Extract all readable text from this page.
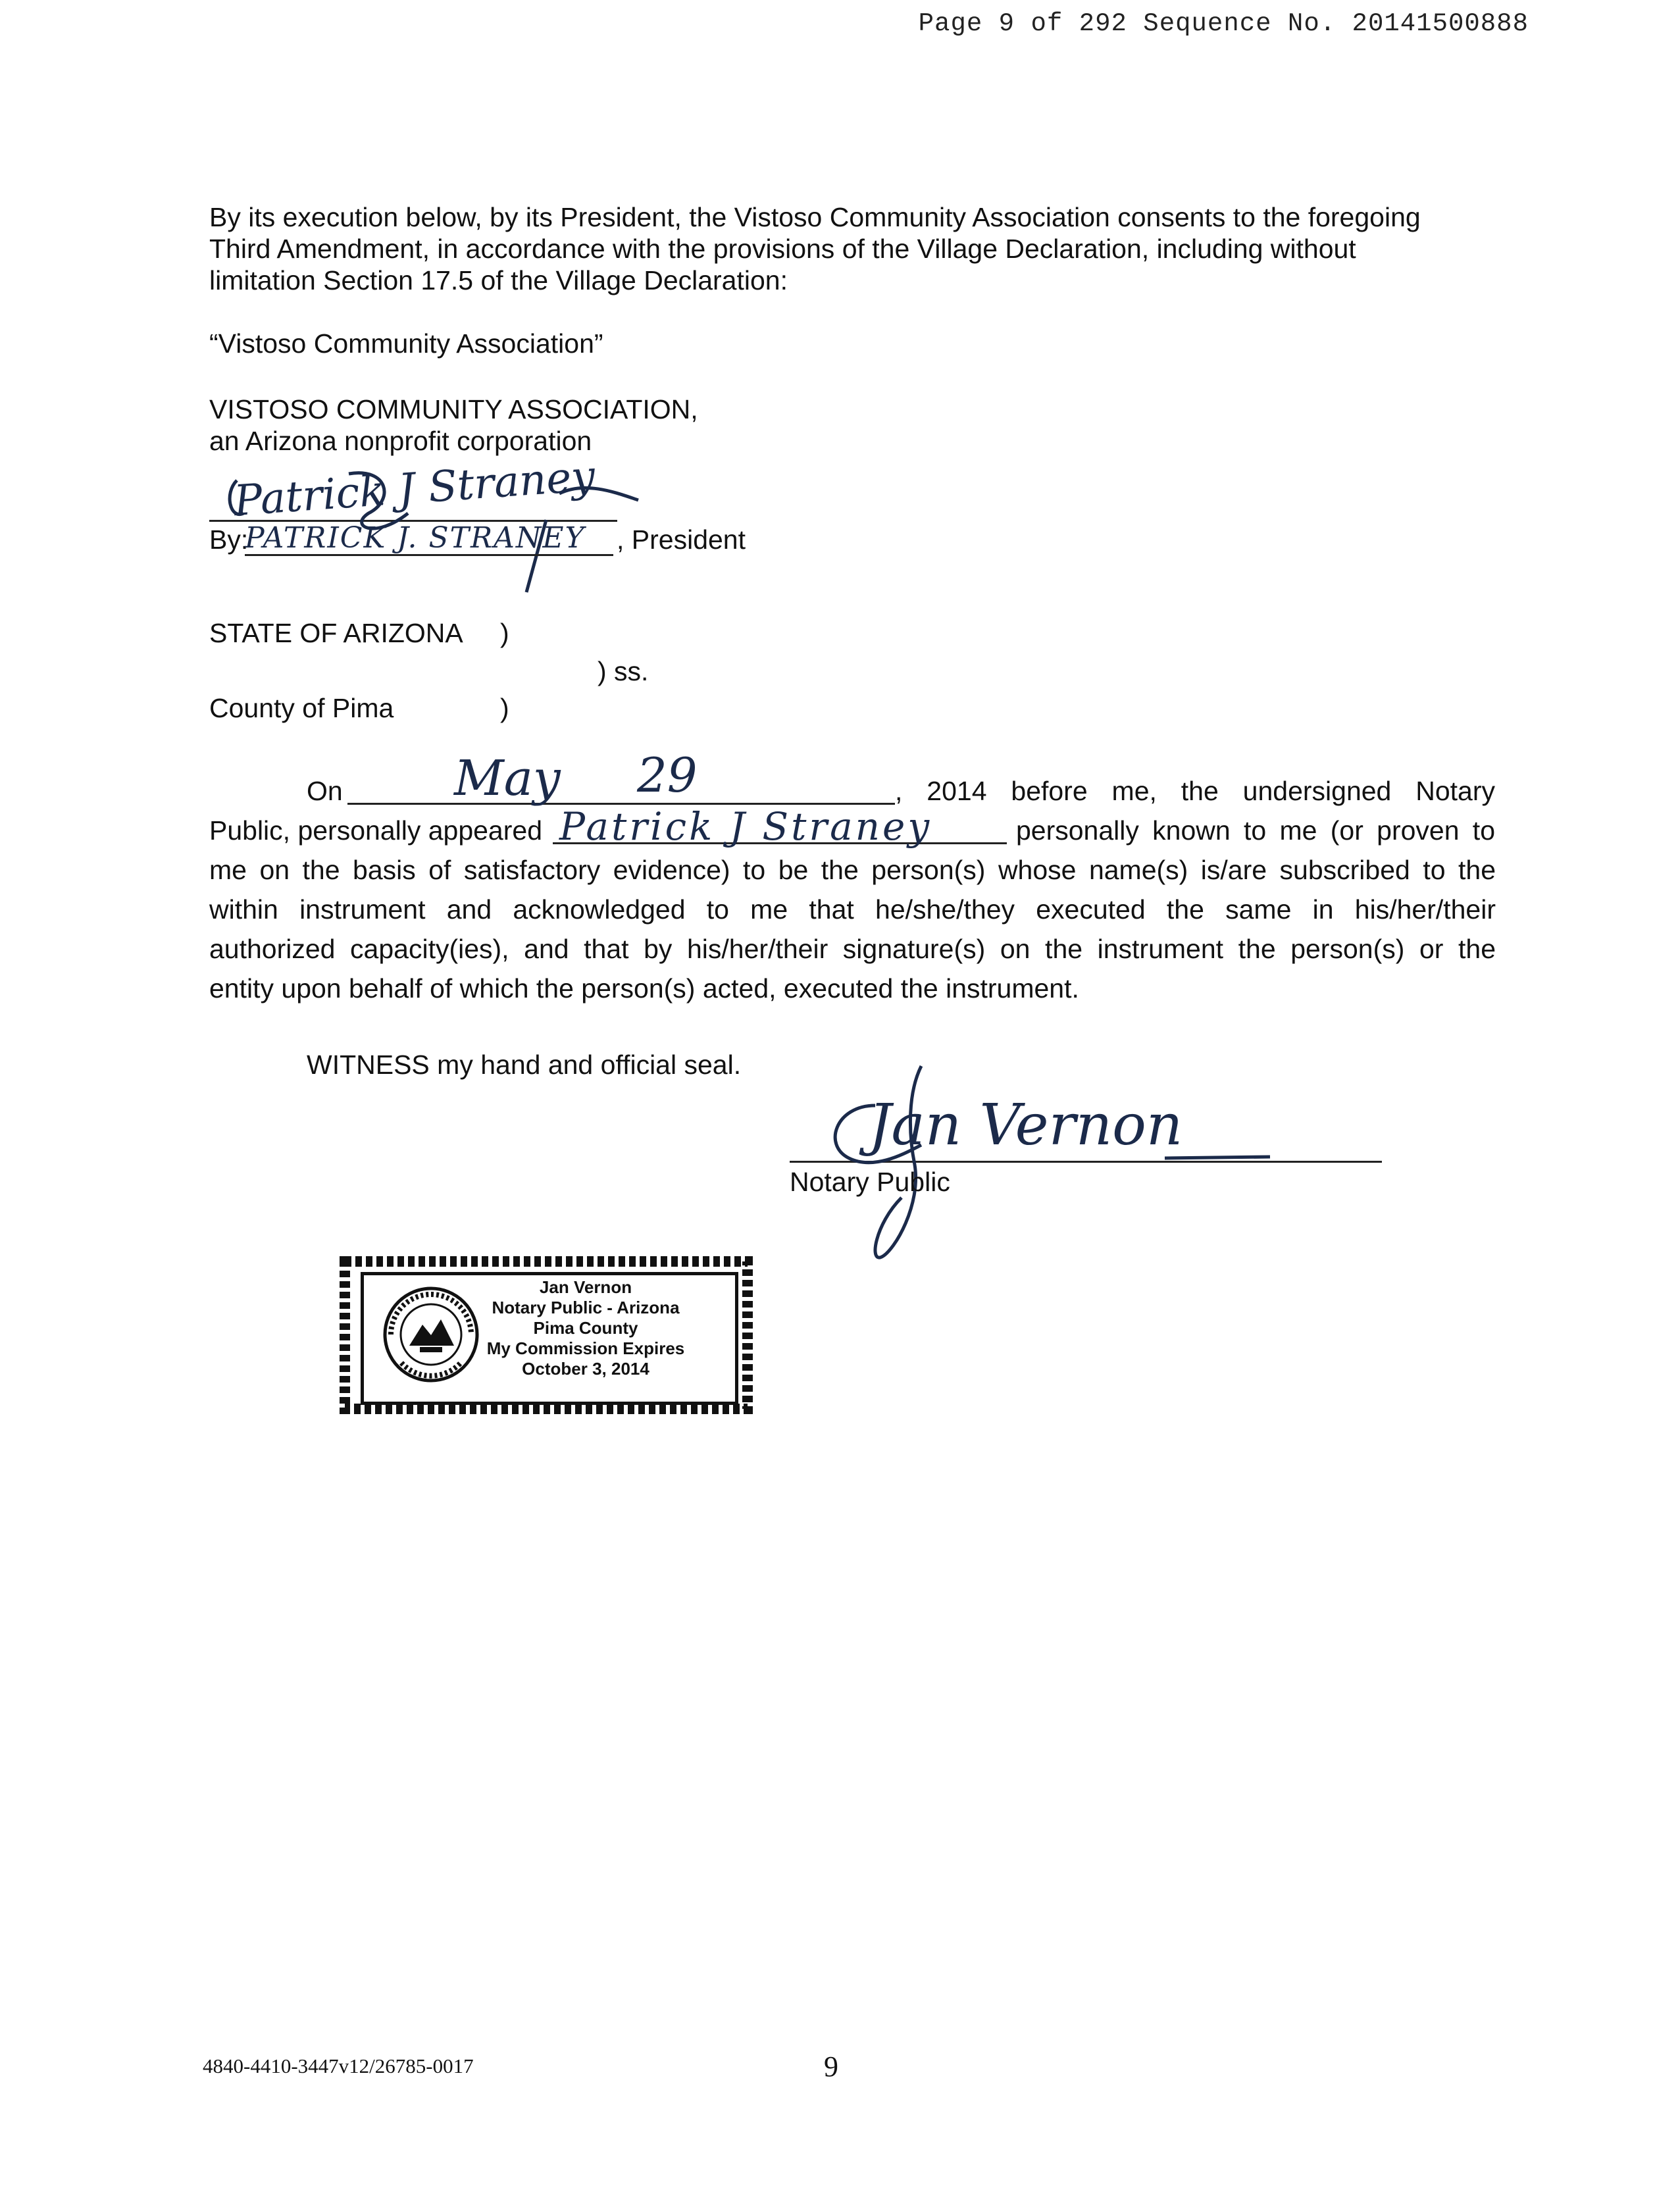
Page 9 of 292 Sequence No. 20141500888
By its execution below, by its President, the Vistoso Community Association consents to the foregoing
Third Amendment, in accordance with the provisions of the Village Declaration, including without
limitation Section 17.5 of the Village Declaration:
“Vistoso Community Association”
VISTOSO COMMUNITY ASSOCIATION,
an Arizona nonprofit corporation
Patrick J Straney
By:
PATRICK J. STRANEY , President
STATE OF ARIZONA )
) ss.
County of Pima	)
On May 29	, 2014 before me, the undersigned Notary
Public, personally appeared Patrick J Straney	personally known to me (or proven to
me on the basis of satisfactory evidence) to be the person(s) whose name(s) is/are subscribed to the
within instrument and acknowledged to me that he/she/they executed the same in his/her/their
authorized capacity(ies), and that by his/her/their signature(s) on the instrument the person(s) or the
entity upon behalf of which the person(s) acted, executed the instrument.
WITNESS my hand and official seal.
Jan Vernon
Notary Public
Jan Vernon
Notary Public - Arizona
Pima County
My Commission Expires
October 3, 2014
4840-4410-3447v12/26785-0017	9
